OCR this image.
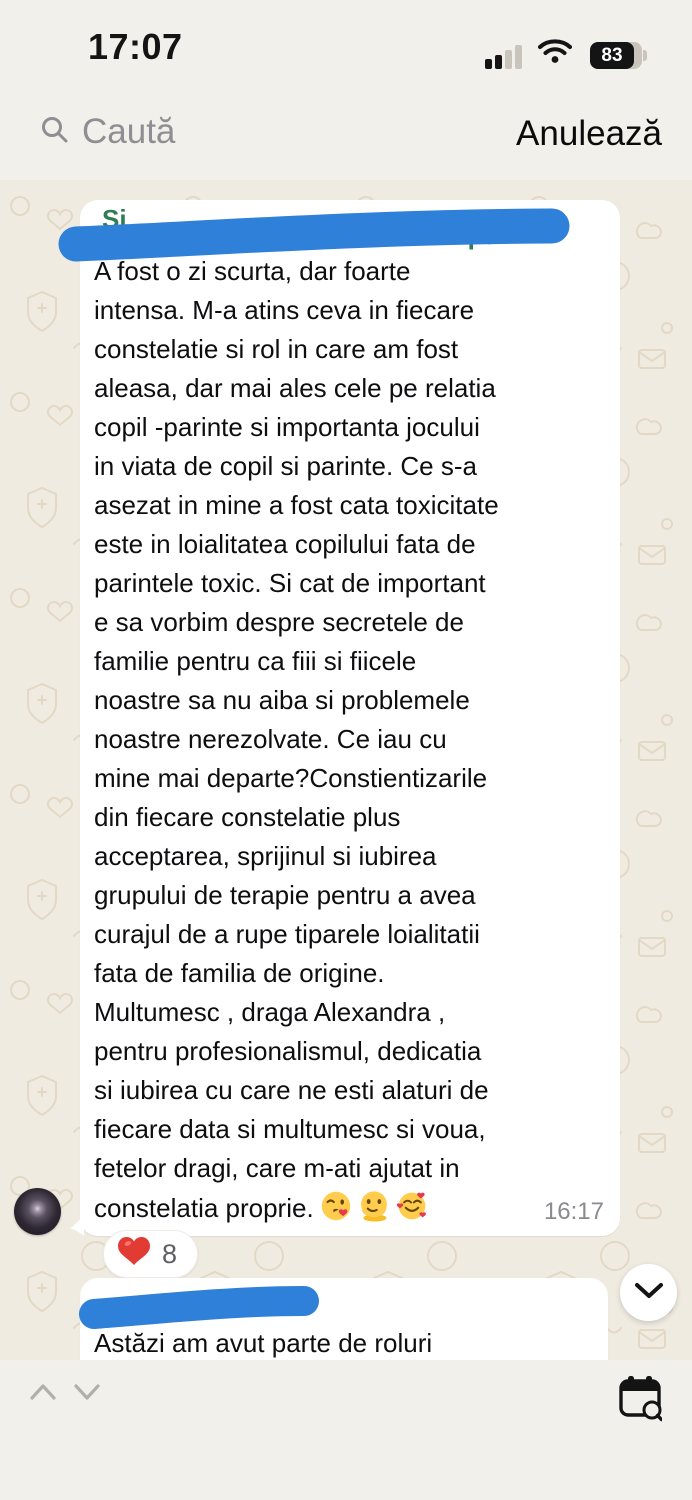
17:07	83
Caută	Anulează
Si
constelatii Sept
A fost o zi scurta, dar foarte
intensa. M-a atins ceva in fiecare
constelatie si rol in care am fost
aleasa, dar mai ales cele pe relatia
copil -parinte si importanta jocului
in viata de copil si parinte. Ce s-a
asezat in mine a fost cata toxicitate
este in loialitatea copilului fata de
parintele toxic. Si cat de important
e sa vorbim despre secretele de
familie pentru ca fiii si fiicele
noastre sa nu aiba si problemele
noastre nerezolvate. Ce iau cu
mine mai departe?Constientizarile
din fiecare constelatie plus
acceptarea, sprijinul si iubirea
grupului de terapie pentru a avea
curajul de a rupe tiparele loialitatii
fata de familia de origine.
Multumesc , draga Alexandra ,
pentru profesionalismul, dedicatia
si iubirea cu care ne esti alaturi de
fiecare data si multumesc si voua,
fetelor dragi, care m-ati ajutat in
constelatia proprie.	16:17
8
Astăzi am avut parte de roluri
